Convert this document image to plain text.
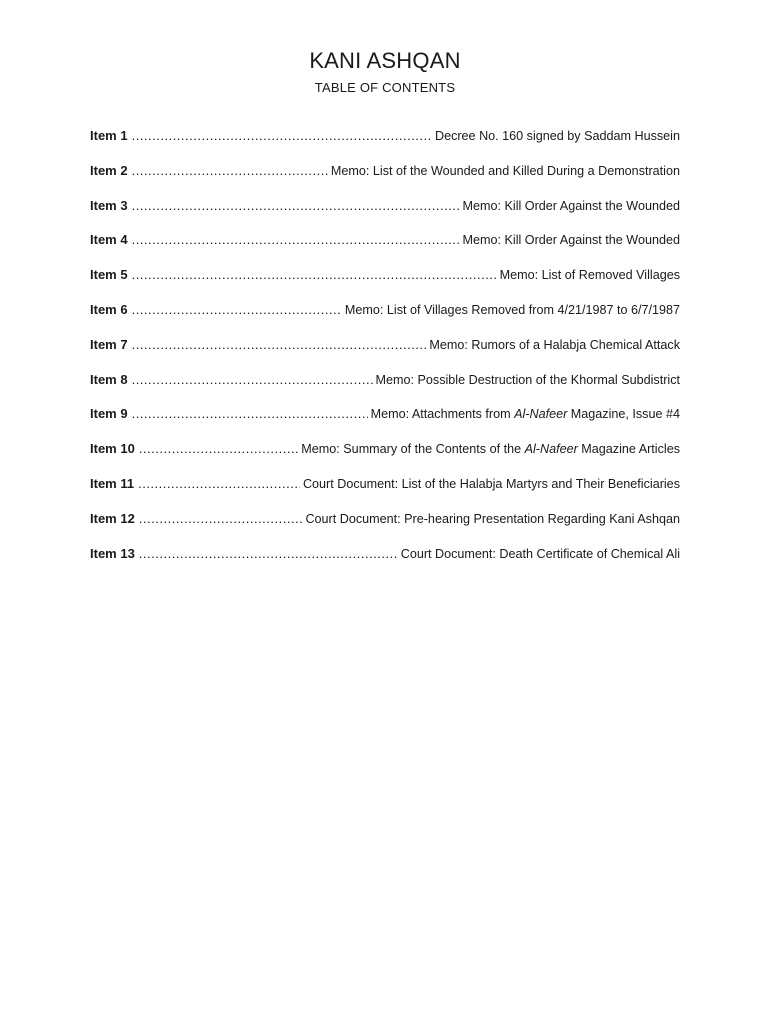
KANI ASHQAN
TABLE OF CONTENTS
Item 1 .....	Decree No. 160 signed by Saddam Hussein
Item 2 .....	Memo: List of the Wounded and Killed During a Demonstration
Item 3 .....	Memo: Kill Order Against the Wounded
Item 4 .....	Memo: Kill Order Against the Wounded
Item 5 .....	Memo: List of Removed Villages
Item 6 .....	Memo: List of Villages Removed from 4/21/1987 to 6/7/1987
Item 7 .....	Memo: Rumors of a Halabja Chemical Attack
Item 8 .....	Memo: Possible Destruction of the Khormal Subdistrict
Item 9 .....	Memo: Attachments from Al-Nafeer Magazine, Issue #4
Item 10 .....	Memo: Summary of the Contents of the Al-Nafeer Magazine Articles
Item 11 .....	Court Document: List of the Halabja Martyrs and Their Beneficiaries
Item 12 .....	Court Document: Pre-hearing Presentation Regarding Kani Ashqan
Item 13 .....	Court Document: Death Certificate of Chemical Ali
